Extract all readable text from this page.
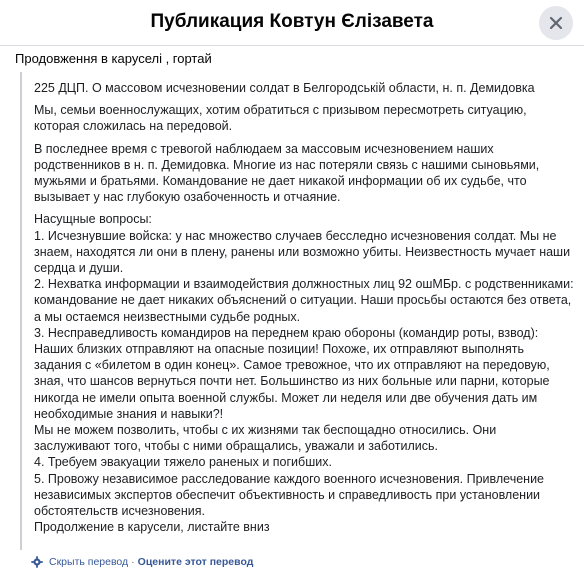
Публикация Ковтун Єлізавета
Продовження в каруселі , гортай

225 ДЦП. О массовом исчезновении солдат в Белгородській области, н. п. Демидовка

Мы, семьи военнослужащих, хотим обратиться с призывом пересмотреть ситуацию, которая сложилась на передовой.

В последнее время с тревогой наблюдаем за массовым исчезновением наших родственников в н. п. Демидовка. Многие из нас потеряли связь с нашими сыновьями, мужьями и братьями. Командование не дает никакой информации об их судьбе, что вызывает у нас глубокую озабоченность и отчаяние.

Насущные вопросы:

1. Исчезнувшие войска: у нас множество случаев бесследно исчезновения солдат. Мы не знаем, находятся ли они в плену, ранены или возможно убиты. Неизвестность мучает наши сердца и души.

2. Нехватка информации и взаимодействия должностных лиц 92 ошМБр. с родственниками: командование не дает никаких объяснений о ситуации. Наши просьбы остаются без ответа, а мы остаемся неизвестными судьбе родных.

3. Несправедливость командиров на переднем краю обороны (командир роты, взвод): Наших близких отправляют на опасные позиции! Похоже, их отправляют выполнять задания с «билетом в один конец». Самое тревожное, что их отправляют на передовую, зная, что шансов вернуться почти нет. Большинство из них больные или парни, которые никогда не имели опыта военной службы. Может ли неделя или две обучения дать им необходимые знания и навыки?!

Мы не можем позволить, чтобы с их жизнями так беспощадно относились. Они заслуживают того, чтобы с ними обращались, уважали и заботились.

4. Требуем эвакуации тяжело раненых и погибших.

5. Провожу независимое расследование каждого военного исчезновения. Привлечение независимых экспертов обеспечит объективность и справедливость при установлении обстоятельств исчезновения.

Продолжение в карусели, листайте вниз

Скрыть перевод · Оцените этот перевод
